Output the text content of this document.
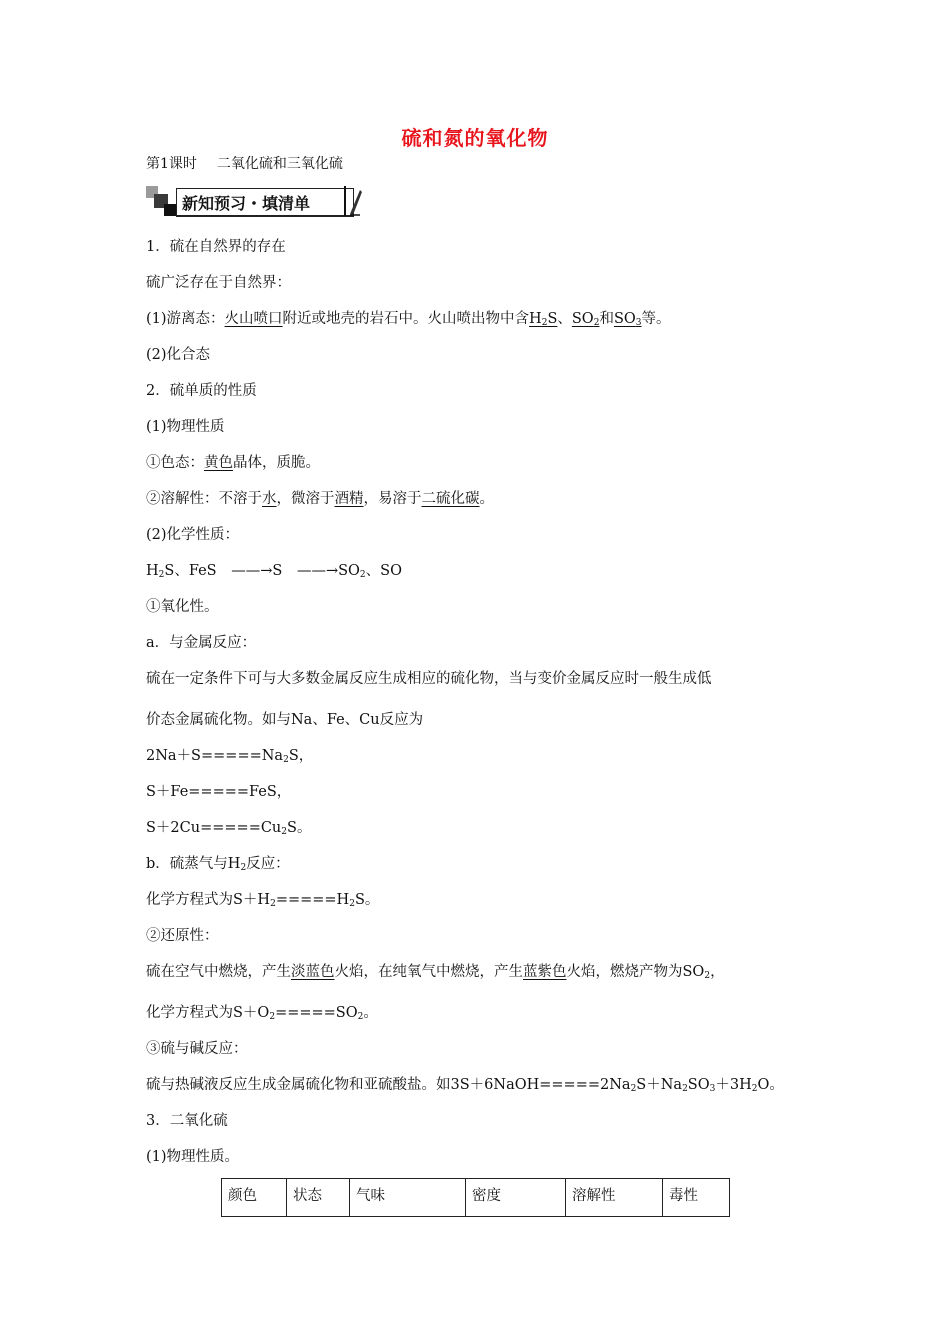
硫和氮的氧化物
第1课时 二氧化硫和三氧化硫
新知预习・填清单
1．硫在自然界的存在
硫广泛存在于自然界：
(1)游离态：火山喷口附近或地壳的岩石中。火山喷出物中含$H_2S$、$SO_2$和$SO_3$等。
(2)化合态
2．硫单质的性质
(1)物理性质
①色态：黄色晶体，质脆。
②溶解性：不溶于水，微溶于酒精，易溶于二硫化碳。
(2)化学性质：
$H_2S$、FeS ——→S $——\to SO_2$、SO
①氧化性。
a．与金属反应：
硫在一定条件下可与大多数金属反应生成相应的硫化物，当与变价金属反应时一般生成低
价态金属硫化物。如与Na、Fe、Cu反应为
$2Na+S=====Na_2S$，
S＋Fe=====FeS，
$S+2Cu=====Cu_2S$。
b．硫蒸气与$H_2$反应：
化学方程式为$S+H_2=====H_2S$。
②还原性：
硫在空气中燃烧，产生淡蓝色火焰，在纯氧气中燃烧，产生蓝紫色火焰，燃烧产物为$SO_2$，
化学方程式为$S+O_2=====SO_2$。
③硫与碱反应：
硫与热碱液反应生成金属硫化物和亚硫酸盐。如$3S+6NaOH=====2Na_2S+Na_2SO_3+3H_2O$。
3．二氧化硫
(1)物理性质。
颜色	状态	气味	密度	溶解性	毒性
